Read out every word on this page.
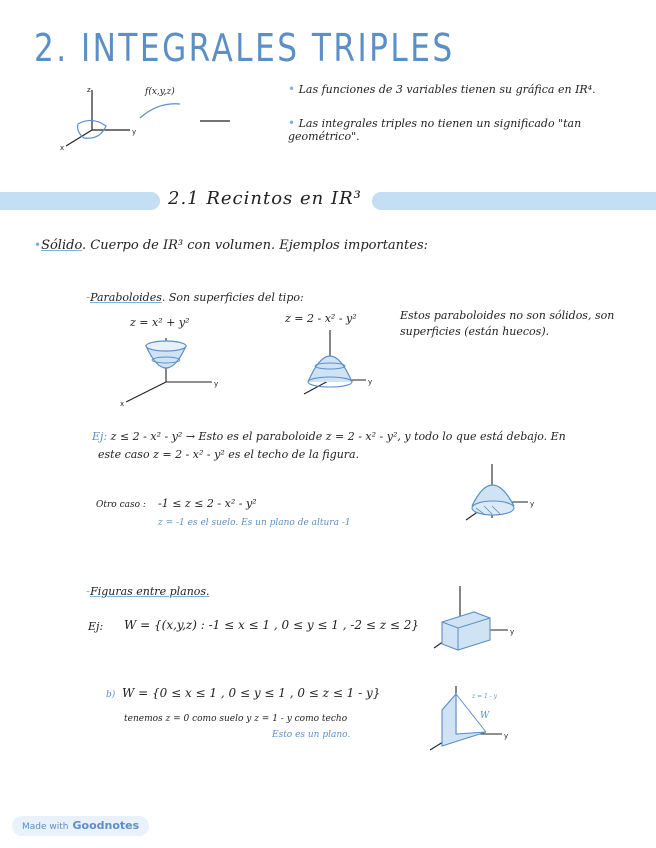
2. INTEGRALES TRIPLES
z
y
x
f(x,y,z)	• Las funciones de 3 variables tienen su gráfica en IR⁴.
• Las integrales triples no tienen un significado "tan geométrico".
2.1 Recintos en IR³
•Sólido. Cuerpo de IR³ con volumen. Ejemplos importantes:
-Paraboloides. Son superficies del tipo:
z = x² + y²	z = 2 - x² - y²	Estos paraboloides no son sólidos, son superficies (están huecos).
y
x
y
Ej: z ≤ 2 - x² - y² → Esto es el paraboloide z = 2 - x² - y², y todo lo que está debajo. En
este caso z = 2 - x² - y² es el techo de la figura.
Otro caso : -1 ≤ z ≤ 2 - x² - y²
z = -1 es el suelo. Es un plano de altura -1
y
-Figuras entre planos.
Ej: W = {(x,y,z) : -1 ≤ x ≤ 1 , 0 ≤ y ≤ 1 , -2 ≤ z ≤ 2}	y
b) W = {0 ≤ x ≤ 1 , 0 ≤ y ≤ 1 , 0 ≤ z ≤ 1 - y}
tenemos z = 0 como suelo y z = 1 - y como techo
Esto es un plano.	y
z = 1 - y
W
Made with Goodnotes
